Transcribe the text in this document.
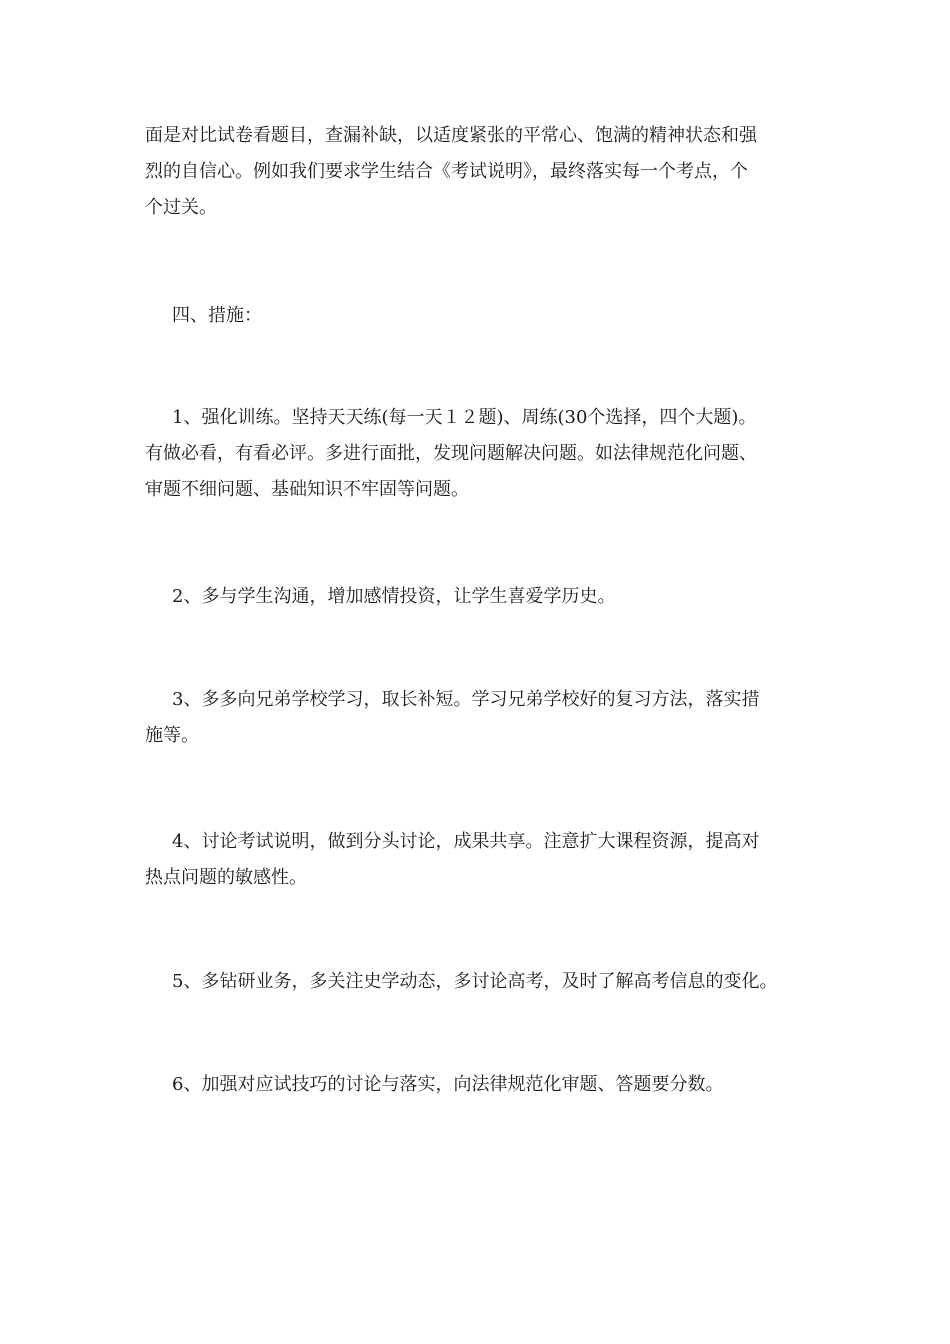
面是对比试卷看题目，查漏补缺，以适度紧张的平常心、饱满的精神状态和强
烈的自信心。例如我们要求学生结合《考试说明》，最终落实每一个考点，个
个过关。

四、措施：

1、强化训练。坚持天天练(每一天１２题)、周练(30个选择，四个大题)。
有做必看，有看必评。多进行面批，发现问题解决问题。如法律规范化问题、
审题不细问题、基础知识不牢固等问题。

2、多与学生沟通，增加感情投资，让学生喜爱学历史。

3、多多向兄弟学校学习，取长补短。学习兄弟学校好的复习方法，落实措
施等。

4、讨论考试说明，做到分头讨论，成果共享。注意扩大课程资源，提高对
热点问题的敏感性。

5、多钻研业务，多关注史学动态，多讨论高考，及时了解高考信息的变化。

6、加强对应试技巧的讨论与落实，向法律规范化审题、答题要分数。
